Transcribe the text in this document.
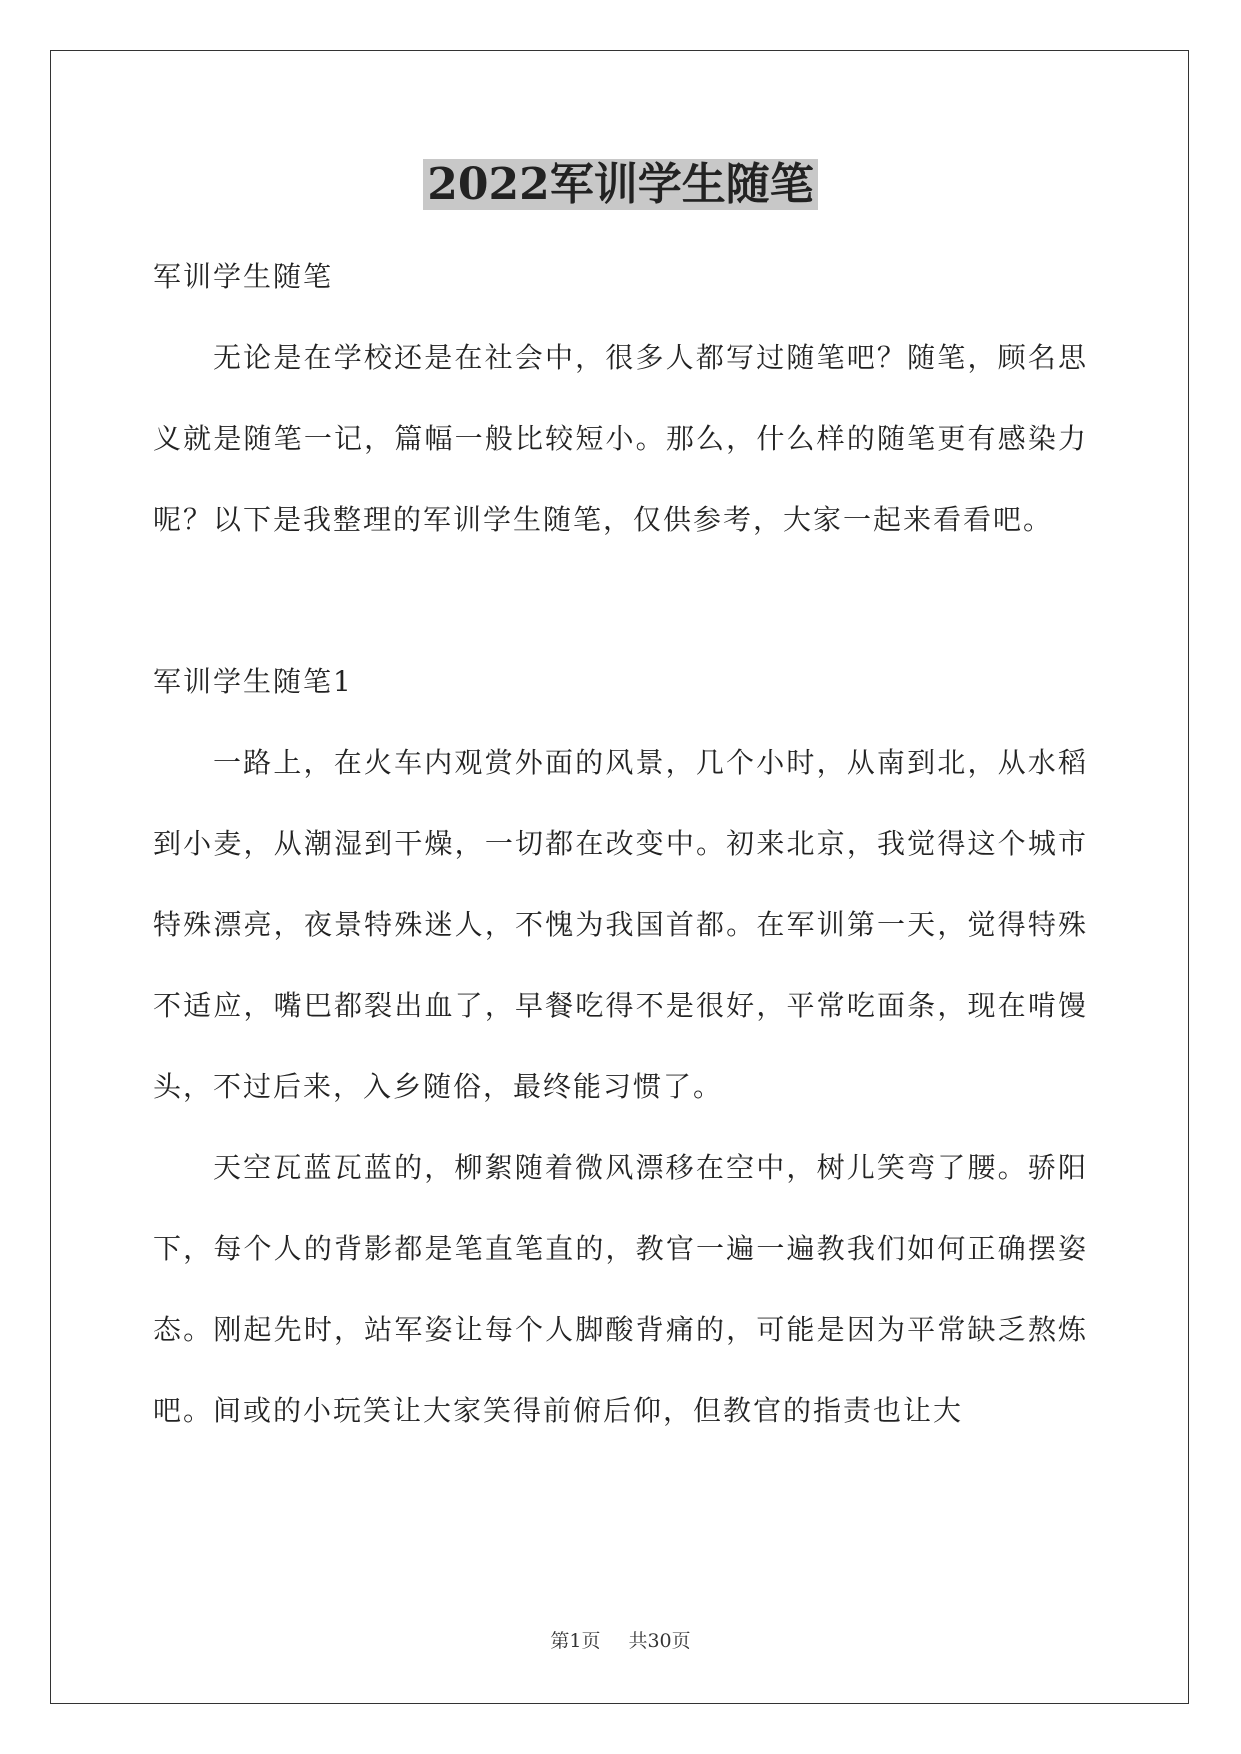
2022军训学生随笔

军训学生随笔

无论是在学校还是在社会中，很多人都写过随笔吧？随笔，顾名思义就是随笔一记，篇幅一般比较短小。那么，什么样的随笔更有感染力呢？以下是我整理的军训学生随笔，仅供参考，大家一起来看看吧。

军训学生随笔1

一路上，在火车内观赏外面的风景，几个小时，从南到北，从水稻到小麦，从潮湿到干燥，一切都在改变中。初来北京，我觉得这个城市特殊漂亮，夜景特殊迷人，不愧为我国首都。在军训第一天，觉得特殊不适应，嘴巴都裂出血了，早餐吃得不是很好，平常吃面条，现在啃馒头，不过后来，入乡随俗，最终能习惯了。

天空瓦蓝瓦蓝的，柳絮随着微风漂移在空中，树儿笑弯了腰。骄阳下，每个人的背影都是笔直笔直的，教官一遍一遍教我们如何正确摆姿态。刚起先时，站军姿让每个人脚酸背痛的，可能是因为平常缺乏熬炼吧。间或的小玩笑让大家笑得前俯后仰，但教官的指责也让大

第1页 共30页
